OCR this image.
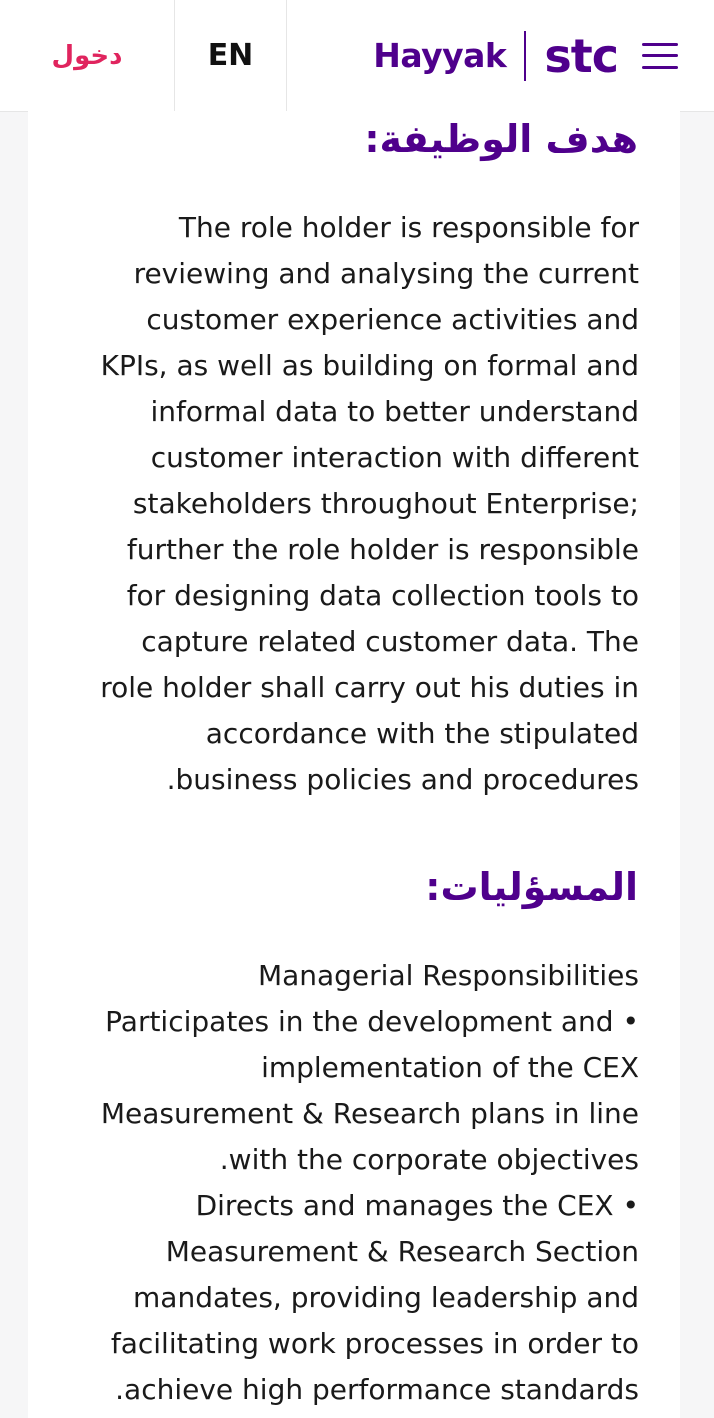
دخول	EN	Hayyak stc
هدف الوظيفة:
The role holder is responsible for
reviewing and analysing the current
customer experience activities and
KPIs, as well as building on formal and
informal data to better understand
customer interaction with different
stakeholders throughout Enterprise;
further the role holder is responsible
for designing data collection tools to
capture related customer data. The
role holder shall carry out his duties in
accordance with the stipulated
.business policies and procedures
المسؤليات:
Managerial Responsibilities
Participates in the development and •
implementation of the CEX
Measurement & Research plans in line
.with the corporate objectives
Directs and manages the CEX •
Measurement & Research Section
mandates, providing leadership and
facilitating work processes in order to
.achieve high performance standards
